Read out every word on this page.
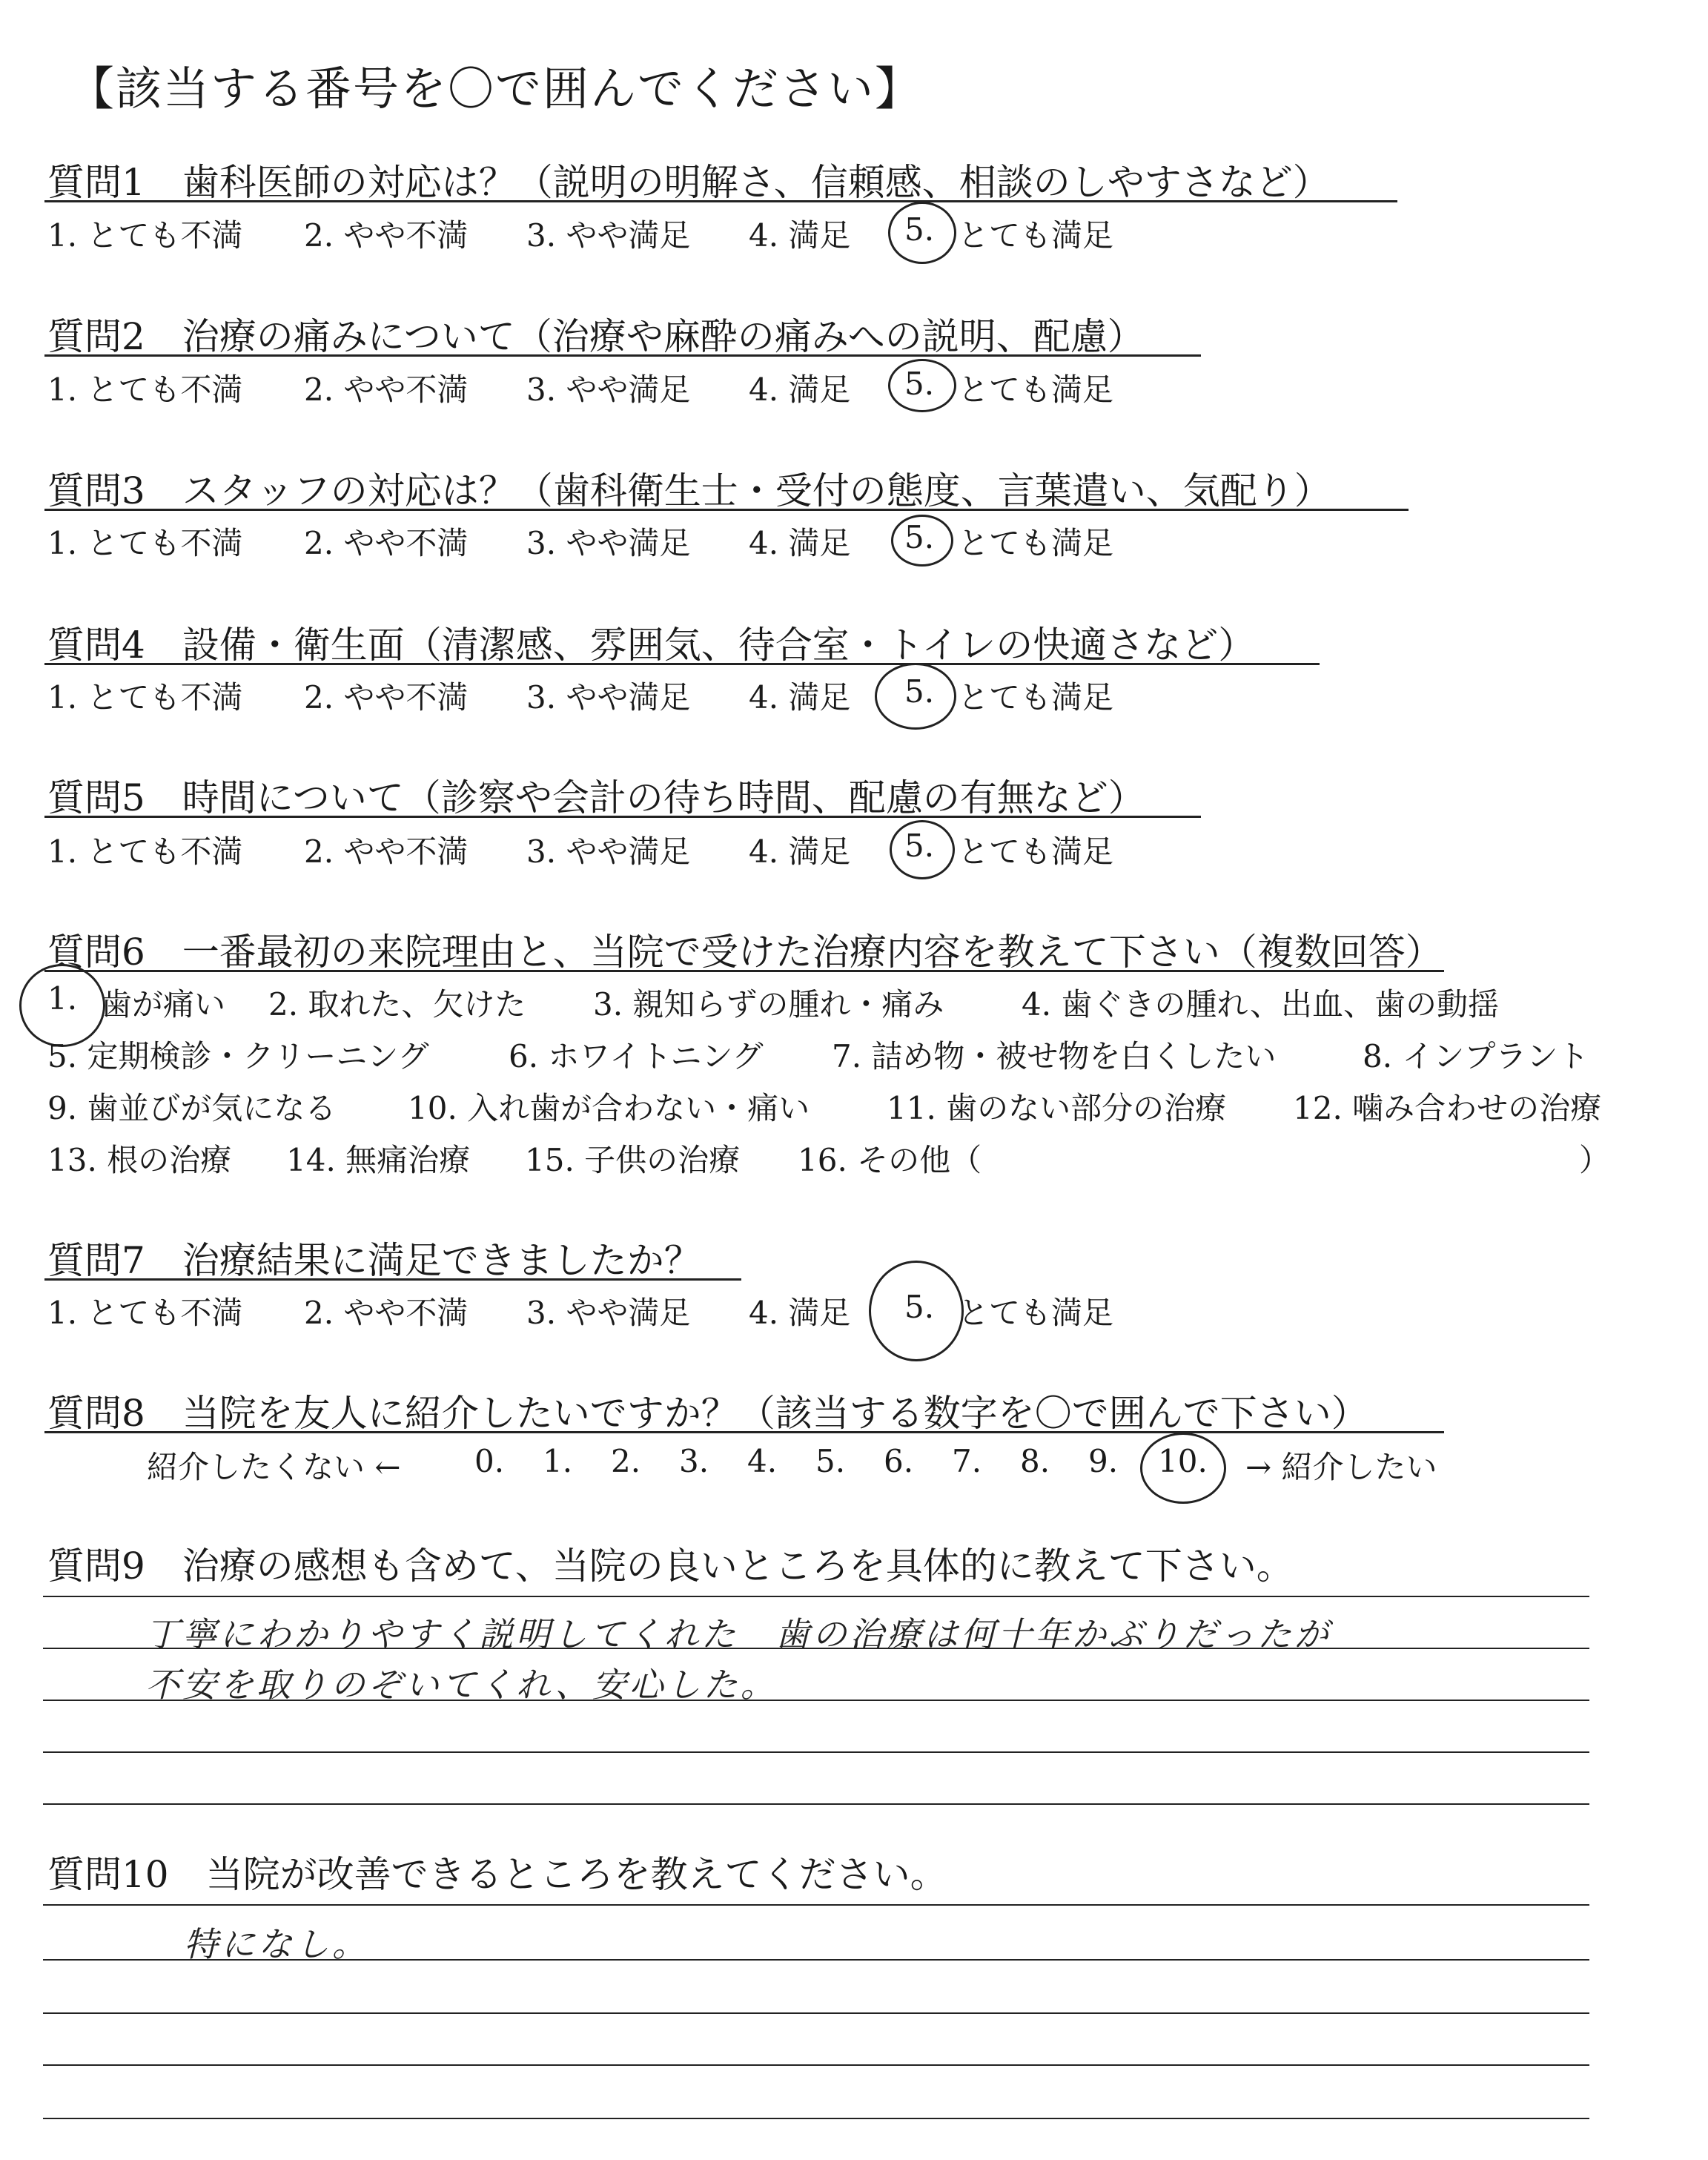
【該当する番号を〇で囲んでください】
質問1　歯科医師の対応は？（説明の明解さ、信頼感、相談のしやすさなど）
1. とても不満 2. やや不満 3. やや満足 4. 満足 5. とても満足
質問2　治療の痛みについて（治療や麻酔の痛みへの説明、配慮）
1. とても不満 2. やや不満 3. やや満足 4. 満足 5. とても満足
質問3　スタッフの対応は？（歯科衛生士・受付の態度、言葉遣い、気配り）
1. とても不満 2. やや不満 3. やや満足 4. 満足 5. とても満足
質問4　設備・衛生面（清潔感、雰囲気、待合室・トイレの快適さなど）
1. とても不満 2. やや不満 3. やや満足 4. 満足 5. とても満足
質問5　時間について（診察や会計の待ち時間、配慮の有無など）
1. とても不満 2. やや不満 3. やや満足 4. 満足 5. とても満足
質問6　一番最初の来院理由と、当院で受けた治療内容を教えて下さい（複数回答）
1. 歯が痛い 2. 取れた、欠けた 3. 親知らずの腫れ・痛み 4. 歯ぐきの腫れ、出血、歯の動揺
5. 定期検診・クリーニング	6. ホワイトニング 7. 詰め物・被せ物を白くしたい	8. インプラント
9. 歯並びが気になる 10. 入れ歯が合わない・痛い 11. 歯のない部分の治療 12. 噛み合わせの治療
13. 根の治療 14. 無痛治療 15. 子供の治療 16. その他（	）
質問7　治療結果に満足できましたか？
1. とても不満 2. やや不満 3. やや満足 4. 満足 5. とても満足
質問8　当院を友人に紹介したいですか？（該当する数字を〇で囲んで下さい）
紹介したくない ← 0. 1. 2. 3. 4. 5. 6. 7. 8. 9. 10. → 紹介したい
質問9　治療の感想も含めて、当院の良いところを具体的に教えて下さい。
丁寧にわかりやすく説明してくれた　歯の治療は何十年かぶりだったが
不安を取りのぞいてくれ、安心した。
質問10　当院が改善できるところを教えてください。
特になし。
